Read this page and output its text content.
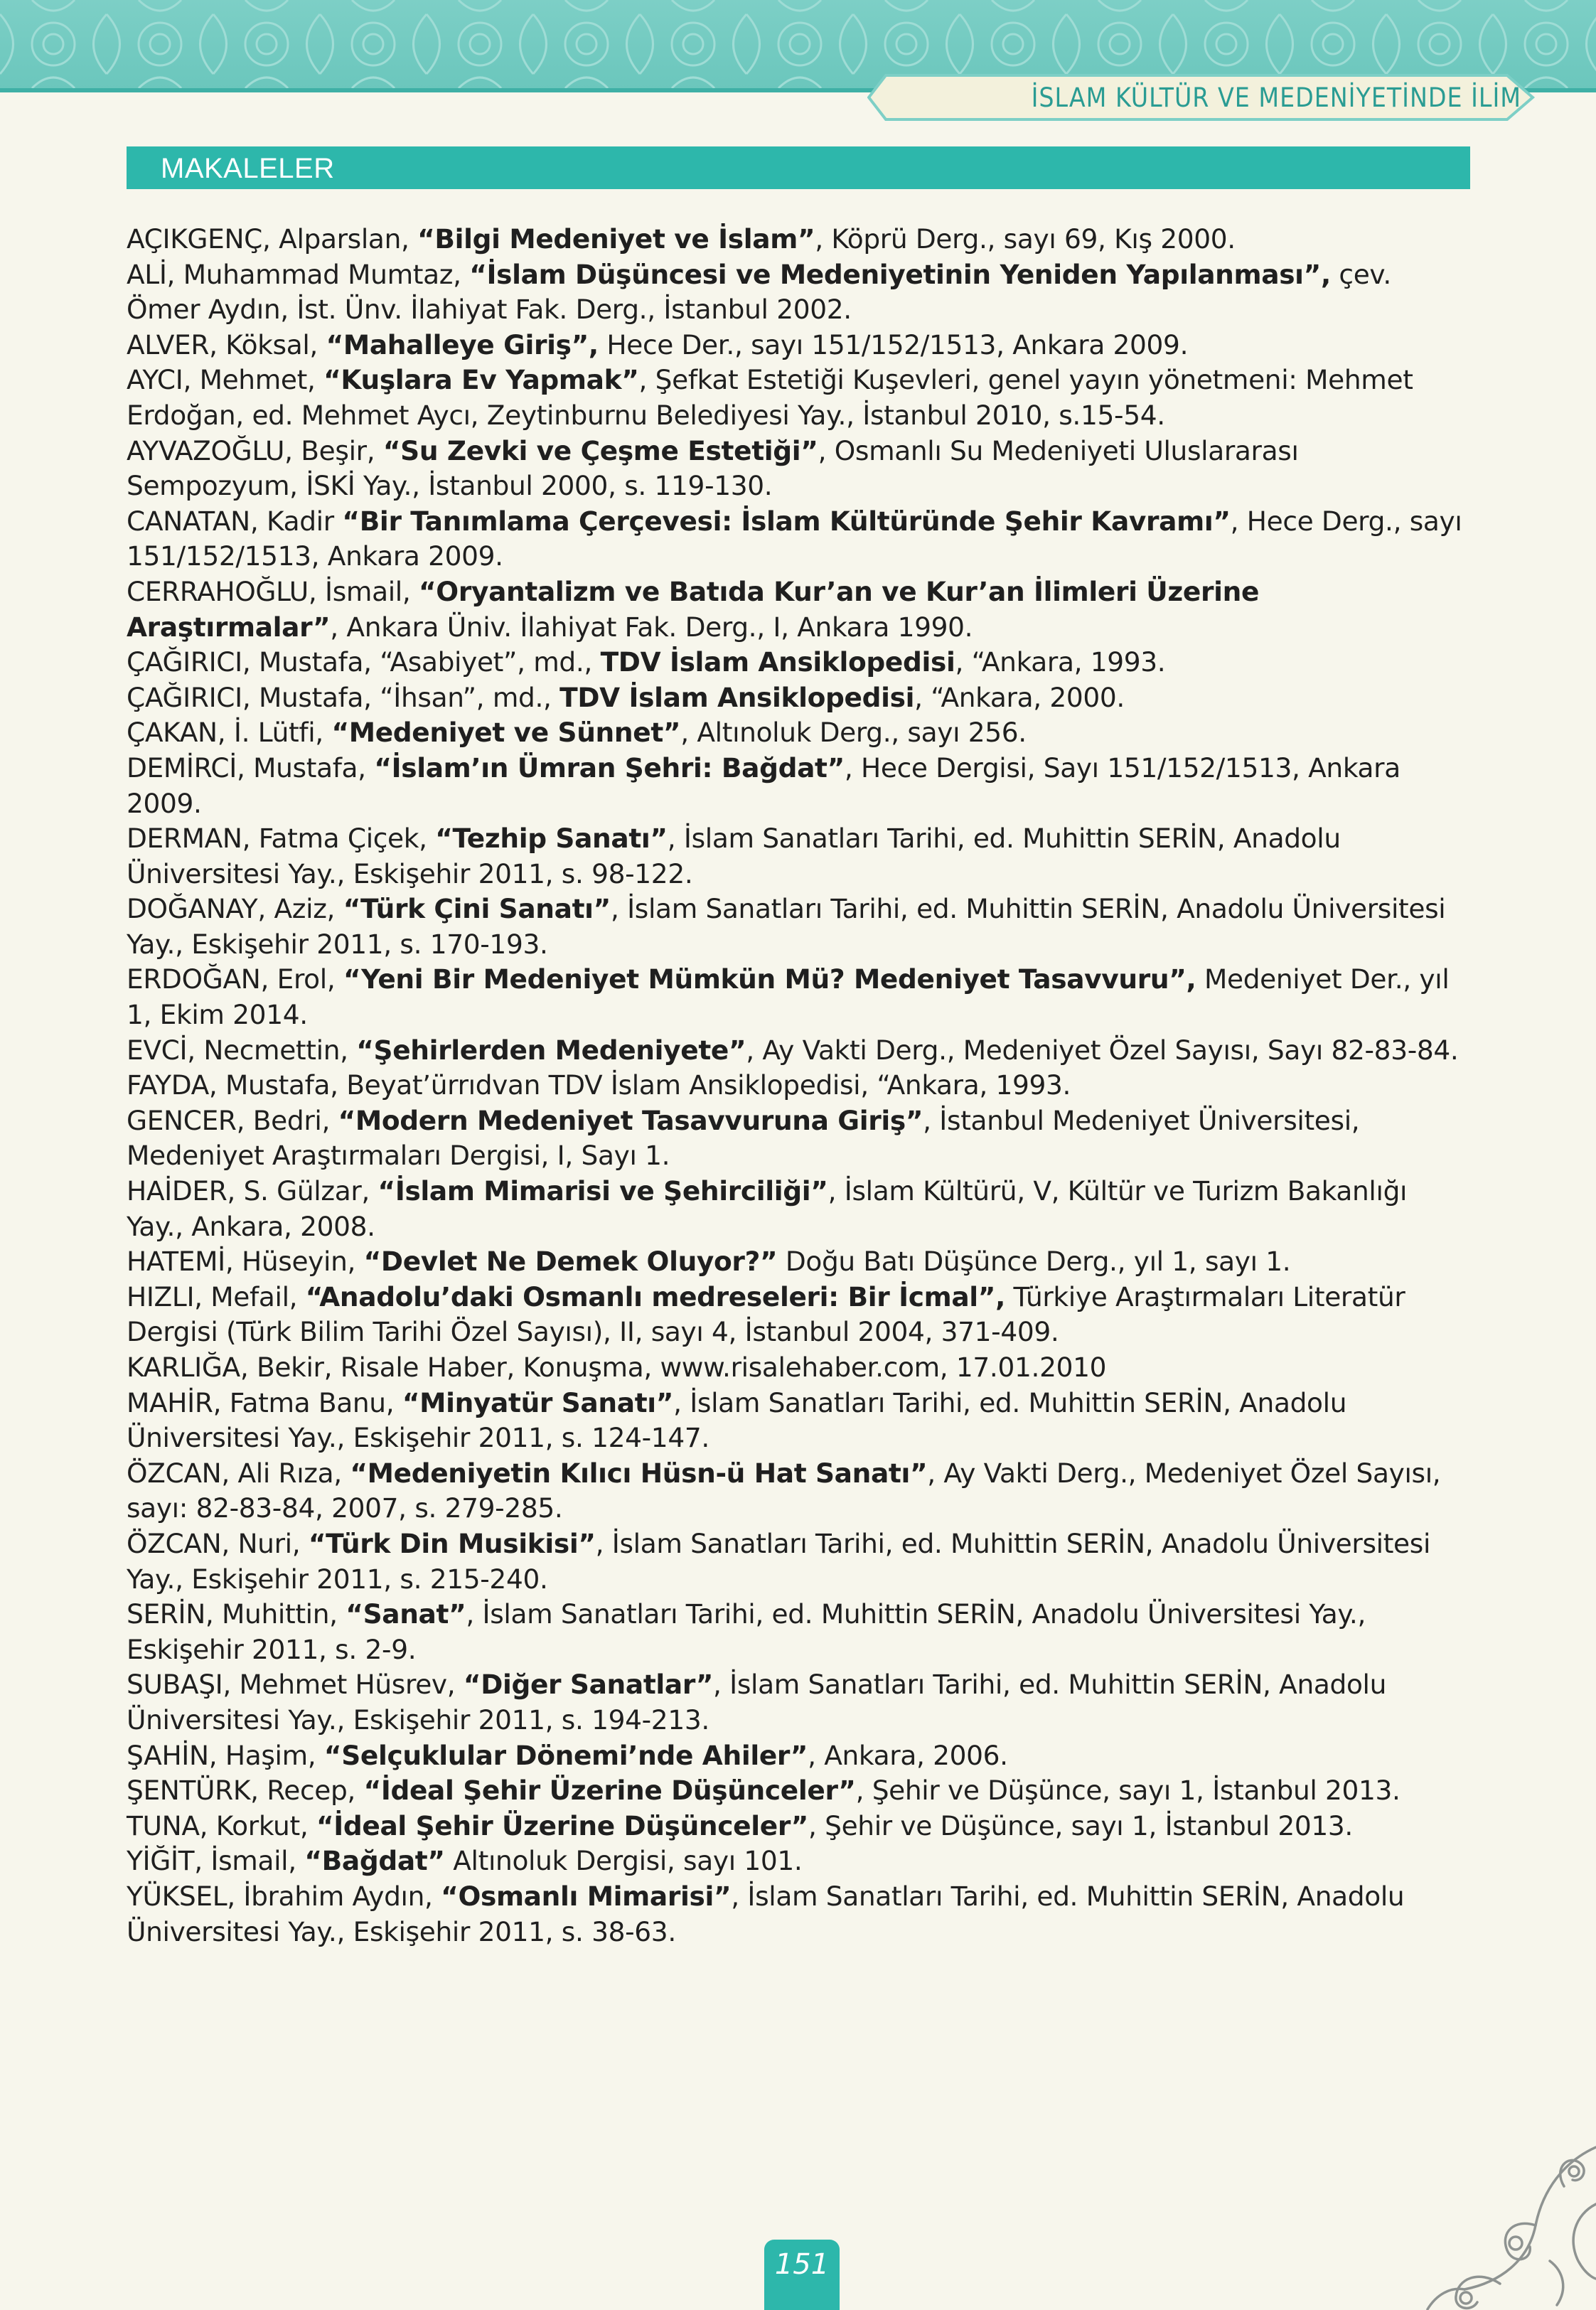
İSLAM KÜLTÜR VE MEDENİYETİNDE İLİM
MAKALELER

AÇIKGENÇ, Alparslan, “Bilgi Medeniyet ve İslam”, Köprü Derg., sayı 69, Kış 2000.

ALİ, Muhammad Mumtaz, “İslam Düşüncesi ve Medeniyetinin Yeniden Yapılanması”, çev. Ömer Aydın, İst. Ünv. İlahiyat Fak. Derg., İstanbul 2002.

ALVER, Köksal, “Mahalleye Giriş”, Hece Der., sayı 151/152/1513, Ankara 2009.

AYCI, Mehmet, “Kuşlara Ev Yapmak”, Şefkat Estetiği Kuşevleri, genel yayın yönetmeni: Mehmet Erdoğan, ed. Mehmet Aycı, Zeytinburnu Belediyesi Yay., İstanbul 2010, s.15-54.

AYVAZOĞLU, Beşir, “Su Zevki ve Çeşme Estetiği”, Osmanlı Su Medeniyeti Uluslararası Sempozyum, İSKİ Yay., İstanbul 2000, s. 119-130.

CANATAN, Kadir “Bir Tanımlama Çerçevesi: İslam Kültüründe Şehir Kavramı”, Hece Derg., sayı 151/152/1513, Ankara 2009.

CERRAHOĞLU, İsmail, “Oryantalizm ve Batıda Kur’an ve Kur’an İlimleri Üzerine Araştırmalar”, Ankara Üniv. İlahiyat Fak. Derg., I, Ankara 1990.

ÇAĞIRICI, Mustafa, “Asabiyet”, md., TDV İslam Ansiklopedisi, “Ankara, 1993.

ÇAĞIRICI, Mustafa, “İhsan”, md., TDV İslam Ansiklopedisi, “Ankara, 2000.

ÇAKAN, İ. Lütfi, “Medeniyet ve Sünnet”, Altınoluk Derg., sayı 256.

DEMİRCİ, Mustafa, “İslam’ın Ümran Şehri: Bağdat”, Hece Dergisi, Sayı 151/152/1513, Ankara 2009.

DERMAN, Fatma Çiçek, “Tezhip Sanatı”, İslam Sanatları Tarihi, ed. Muhittin SERİN, Anadolu Üniversitesi Yay., Eskişehir 2011, s. 98-122.

DOĞANAY, Aziz, “Türk Çini Sanatı”, İslam Sanatları Tarihi, ed. Muhittin SERİN, Anadolu Üniversitesi Yay., Eskişehir 2011, s. 170-193.

ERDOĞAN, Erol, “Yeni Bir Medeniyet Mümkün Mü? Medeniyet Tasavvuru”, Medeniyet Der., yıl 1, Ekim 2014.

EVCİ, Necmettin, “Şehirlerden Medeniyete”, Ay Vakti Derg., Medeniyet Özel Sayısı, Sayı 82-83-84.

FAYDA, Mustafa, Beyat’ürrıdvan TDV İslam Ansiklopedisi, “Ankara, 1993.

GENCER, Bedri, “Modern Medeniyet Tasavvuruna Giriş”, İstanbul Medeniyet Üniversitesi, Medeniyet Araştırmaları Dergisi, I, Sayı 1.

HAİDER, S. Gülzar, “İslam Mimarisi ve Şehirciliği”, İslam Kültürü, V, Kültür ve Turizm Bakanlığı Yay., Ankara, 2008.

HATEMİ, Hüseyin, “Devlet Ne Demek Oluyor?” Doğu Batı Düşünce Derg., yıl 1, sayı 1.

HIZLI, Mefail, “Anadolu’daki Osmanlı medreseleri: Bir İcmal”, Türkiye Araştırmaları Literatür Dergisi (Türk Bilim Tarihi Özel Sayısı), II, sayı 4, İstanbul 2004, 371-409.

KARLIĞA, Bekir, Risale Haber, Konuşma, www.risalehaber.com, 17.01.2010

MAHİR, Fatma Banu, “Minyatür Sanatı”, İslam Sanatları Tarihi, ed. Muhittin SERİN, Anadolu Üniversitesi Yay., Eskişehir 2011, s. 124-147.

ÖZCAN, Ali Rıza, “Medeniyetin Kılıcı Hüsn-ü Hat Sanatı”, Ay Vakti Derg., Medeniyet Özel Sayısı, sayı: 82-83-84, 2007, s. 279-285.

ÖZCAN, Nuri, “Türk Din Musikisi”, İslam Sanatları Tarihi, ed. Muhittin SERİN, Anadolu Üniversitesi Yay., Eskişehir 2011, s. 215-240.

SERİN, Muhittin, “Sanat”, İslam Sanatları Tarihi, ed. Muhittin SERİN, Anadolu Üniversitesi Yay., Eskişehir 2011, s. 2-9.

SUBAŞI, Mehmet Hüsrev, “Diğer Sanatlar”, İslam Sanatları Tarihi, ed. Muhittin SERİN, Anadolu Üniversitesi Yay., Eskişehir 2011, s. 194-213.

ŞAHİN, Haşim, “Selçuklular Dönemi’nde Ahiler”, Ankara, 2006.

ŞENTÜRK, Recep, “İdeal Şehir Üzerine Düşünceler”, Şehir ve Düşünce, sayı 1, İstanbul 2013.

TUNA, Korkut, “İdeal Şehir Üzerine Düşünceler”, Şehir ve Düşünce, sayı 1, İstanbul 2013.

YİĞİT, İsmail, “Bağdat” Altınoluk Dergisi, sayı 101.

YÜKSEL, İbrahim Aydın, “Osmanlı Mimarisi”, İslam Sanatları Tarihi, ed. Muhittin SERİN, Anadolu Üniversitesi Yay., Eskişehir 2011, s. 38-63.

151
